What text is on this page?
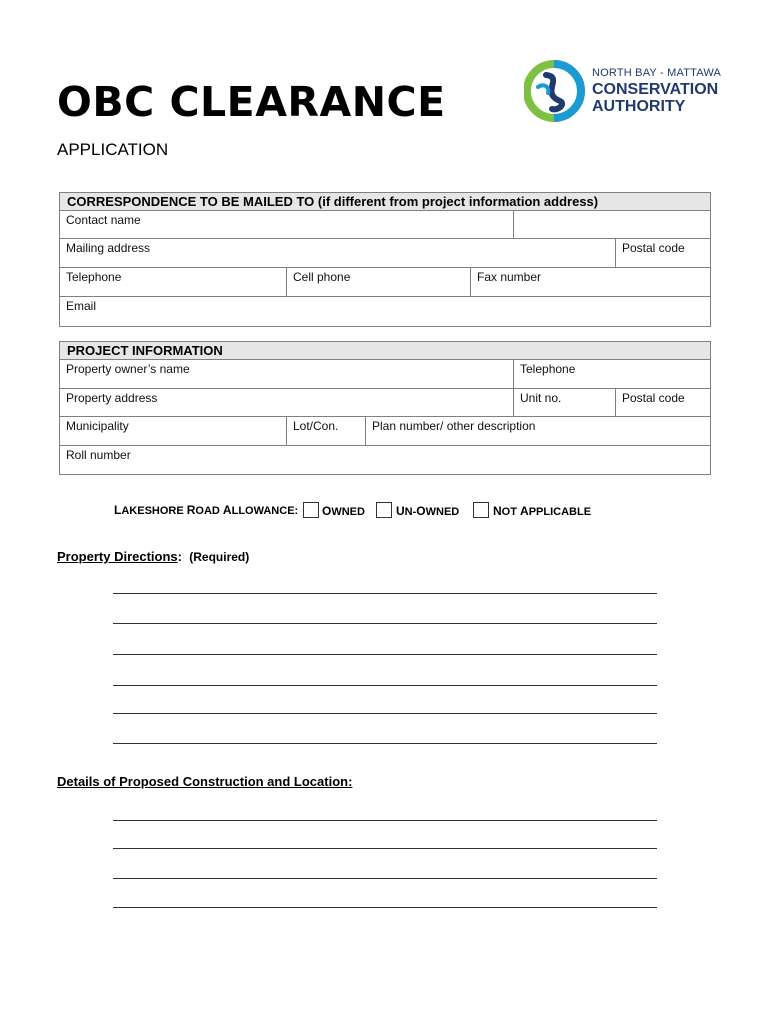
OBC CLEARANCE
APPLICATION
NORTH BAY - MATTAWA
CONSERVATION
AUTHORITY
CORRESPONDENCE TO BE MAILED TO (if different from project information address)
Contact name
Mailing address	Postal code
Telephone	Cell phone	Fax number
Email
PROJECT INFORMATION
Property owner’s name	Telephone
Property address	Unit no.	Postal code
Municipality	Lot/Con.	Plan number/ other description
Roll number
LAKESHORE ROAD ALLOWANCE: OWNED	UN-OWNED	NOT APPLICABLE
Property Directions: (Required)
Details of Proposed Construction and Location:
